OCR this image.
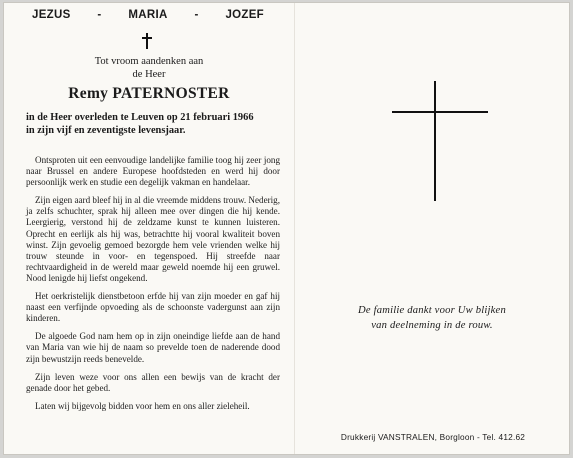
JEZUS - MARIA - JOZEF
Tot vroom aandenken aan
de Heer
Remy PATERNOSTER
in de Heer overleden te Leuven op 21 februari 1966
in zijn vijf en zeventigste levensjaar.

Ontsproten uit een eenvoudige landelijke familie toog hij zeer jong naar Brussel en andere Europese hoofdsteden en werd hij door persoonlijk werk en studie een degelijk vakman en handelaar.

Zijn eigen aard bleef hij in al die vreemde middens trouw. Nederig, ja zelfs schuchter, sprak hij alleen mee over dingen die hij kende. Leergierig, verstond hij de zeldzame kunst te kunnen luisteren. Oprecht en eerlijk als hij was, betrachtte hij vooral kwaliteit boven winst. Zijn gevoelig gemoed bezorgde hem vele vrienden welke hij trouw steunde in voor- en tegenspoed. Hij streefde naar rechtvaardigheid in de wereld maar geweld noemde hij een gruwel. Nood lenigde hij liefst ongekend.

Het oerkristelijk dienstbetoon erfde hij van zijn moeder en gaf hij naast een verfijnde opvoeding als de schoonste vadergunst aan zijn kinderen.

De algoede God nam hem op in zijn oneindige liefde aan de hand van Maria van wie hij de naam so prevelde toen de naderende dood zijn bewustzijn reeds benevelde.

Zijn leven weze voor ons allen een bewijs van de kracht der genade door het gebed.

Laten wij bijgevolg bidden voor hem en ons aller zieleheil.

De familie dankt voor Uw blijken
van deelneming in de rouw.
Drukkerij VANSTRALEN, Borgloon - Tel. 412.62
